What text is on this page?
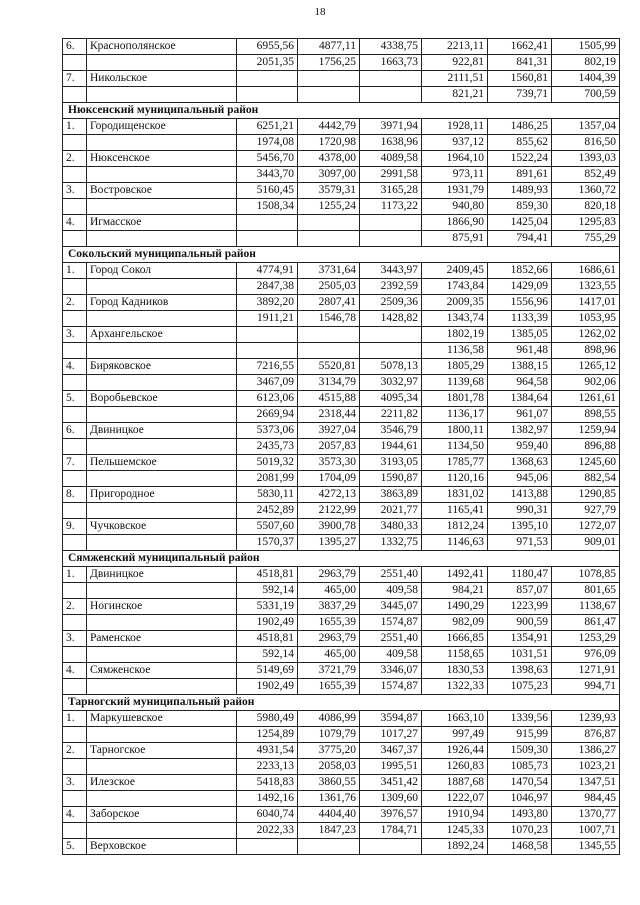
18
6.	Краснополянское	6955,56	4877,11	4338,75	2213,11	1662,41	1505,99
		2051,35	1756,25	1663,73	922,81	841,31	802,19
7.	Никольское				2111,51	1560,81	1404,39
					821,21	739,71	700,59
Нюксенский муниципальный район							
1.	Городищенское	6251,21	4442,79	3971,94	1928,11	1486,25	1357,04
		1974,08	1720,98	1638,96	937,12	855,62	816,50
2.	Нюксенское	5456,70	4378,00	4089,58	1964,10	1522,24	1393,03
		3443,70	3097,00	2991,58	973,11	891,61	852,49
3.	Востровское	5160,45	3579,31	3165,28	1931,79	1489,93	1360,72
		1508,34	1255,24	1173,22	940,80	859,30	820,18
4.	Игмасское				1866,90	1425,04	1295,83
					875,91	794,41	755,29
Сокольский муниципальный район							
1.	Город Сокол	4774,91	3731,64	3443,97	2409,45	1852,66	1686,61
		2847,38	2505,03	2392,59	1743,84	1429,09	1323,55
2.	Город Кадников	3892,20	2807,41	2509,36	2009,35	1556,96	1417,01
		1911,21	1546,78	1428,82	1343,74	1133,39	1053,95
3.	Архангельское				1802,19	1385,05	1262,02
					1136,58	961,48	898,96
4.	Биряковское	7216,55	5520,81	5078,13	1805,29	1388,15	1265,12
		3467,09	3134,79	3032,97	1139,68	964,58	902,06
5.	Воробьевское	6123,06	4515,88	4095,34	1801,78	1384,64	1261,61
		2669,94	2318,44	2211,82	1136,17	961,07	898,55
6.	Двиницкое	5373,06	3927,04	3546,79	1800,11	1382,97	1259,94
		2435,73	2057,83	1944,61	1134,50	959,40	896,88
7.	Пельшемское	5019,32	3573,30	3193,05	1785,77	1368,63	1245,60
		2081,99	1704,09	1590,87	1120,16	945,06	882,54
8.	Пригородное	5830,11	4272,13	3863,89	1831,02	1413,88	1290,85
		2452,89	2122,99	2021,77	1165,41	990,31	927,79
9.	Чучковское	5507,60	3900,78	3480,33	1812,24	1395,10	1272,07
		1570,37	1395,27	1332,75	1146,63	971,53	909,01
Сямженский муниципальный район							
1.	Двиницкое	4518,81	2963,79	2551,40	1492,41	1180,47	1078,85
		592,14	465,00	409,58	984,21	857,07	801,65
2.	Ногинское	5331,19	3837,29	3445,07	1490,29	1223,99	1138,67
		1902,49	1655,39	1574,87	982,09	900,59	861,47
3.	Раменское	4518,81	2963,79	2551,40	1666,85	1354,91	1253,29
		592,14	465,00	409,58	1158,65	1031,51	976,09
4.	Сямженское	5149,69	3721,79	3346,07	1830,53	1398,63	1271,91
		1902,49	1655,39	1574,87	1322,33	1075,23	994,71
Тарногский муниципальный район							
1.	Маркушевское	5980,49	4086,99	3594,87	1663,10	1339,56	1239,93
		1254,89	1079,79	1017,27	997,49	915,99	876,87
2.	Тарногское	4931,54	3775,20	3467,37	1926,44	1509,30	1386,27
		2233,13	2058,03	1995,51	1260,83	1085,73	1023,21
3.	Илезское	5418,83	3860,55	3451,42	1887,68	1470,54	1347,51
		1492,16	1361,76	1309,60	1222,07	1046,97	984,45
4.	Заборское	6040,74	4404,40	3976,57	1910,94	1493,80	1370,77
		2022,33	1847,23	1784,71	1245,33	1070,23	1007,71
5.	Верховское				1892,24	1468,58	1345,55
